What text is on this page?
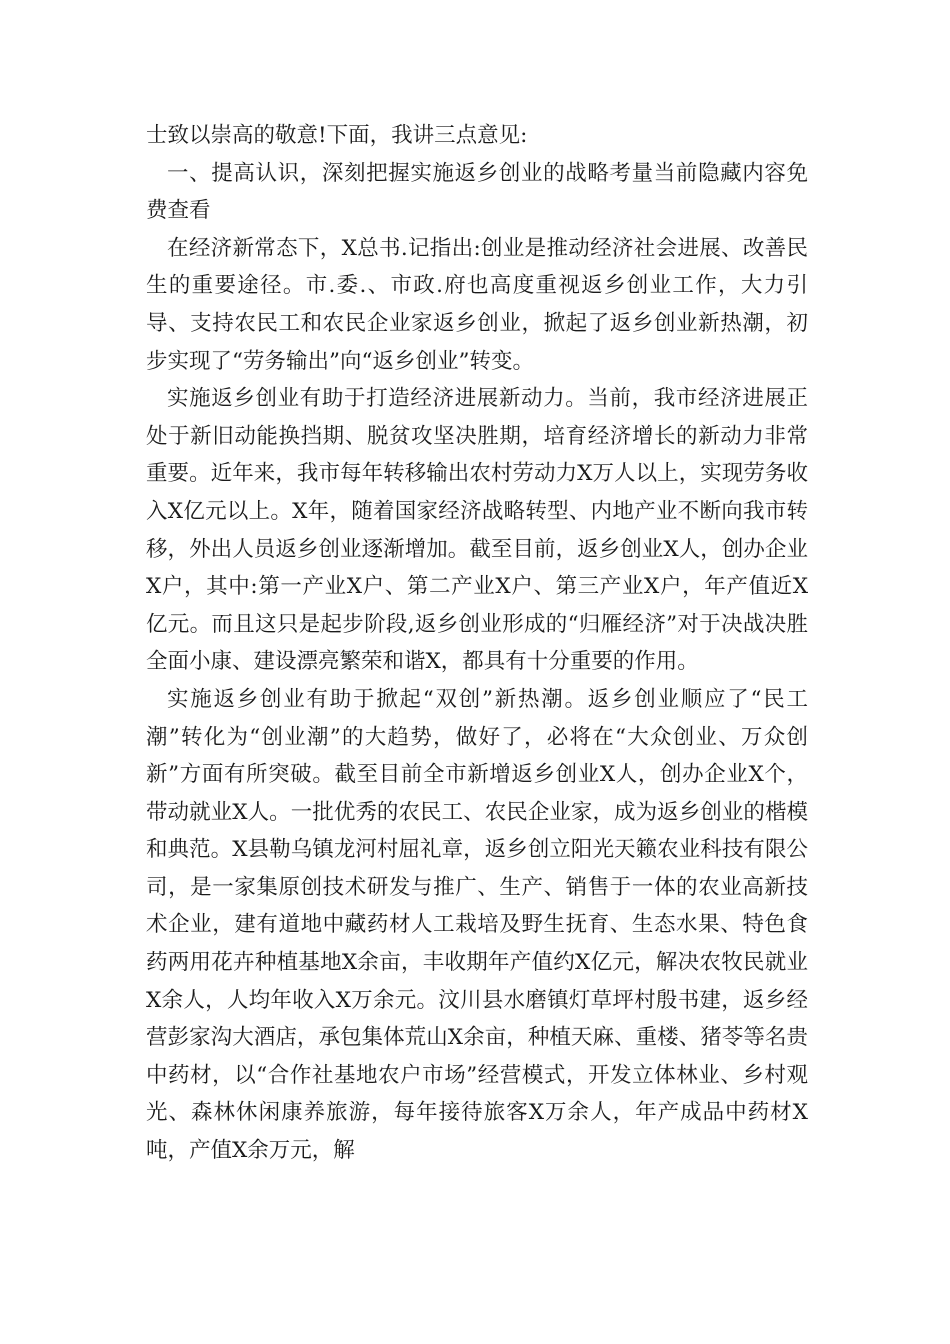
士致以崇高的敬意!下面，我讲三点意见:

一、提高认识，深刻把握实施返乡创业的战略考量当前隐藏内容免费查看

在经济新常态下，X总书.记指出:创业是推动经济社会进展、改善民生的重要途径。市.委.、市政.府也高度重视返乡创业工作，大力引导、支持农民工和农民企业家返乡创业，掀起了返乡创业新热潮，初步实现了“劳务输出”向“返乡创业”转变。

实施返乡创业有助于打造经济进展新动力。当前，我市经济进展正处于新旧动能换挡期、脱贫攻坚决胜期，培育经济增长的新动力非常重要。近年来，我市每年转移输出农村劳动力X万人以上，实现劳务收入X亿元以上。X年，随着国家经济战略转型、内地产业不断向我市转移，外出人员返乡创业逐渐增加。截至目前，返乡创业X人，创办企业X户，其中:第一产业X户、第二产业X户、第三产业X户，年产值近X亿元。而且这只是起步阶段,返乡创业形成的“归雁经济”对于决战决胜全面小康、建设漂亮繁荣和谐X，都具有十分重要的作用。

实施返乡创业有助于掀起“双创”新热潮。返乡创业顺应了“民工潮”转化为“创业潮”的大趋势，做好了，必将在“大众创业、万众创新”方面有所突破。截至目前全市新增返乡创业X人，创办企业X个，带动就业X人。一批优秀的农民工、农民企业家，成为返乡创业的楷模和典范。X县勒乌镇龙河村屈礼章，返乡创立阳光天籁农业科技有限公司，是一家集原创技术研发与推广、生产、销售于一体的农业高新技术企业，建有道地中藏药材人工栽培及野生抚育、生态水果、特色食药两用花卉种植基地X余亩，丰收期年产值约X亿元，解决农牧民就业X余人，人均年收入X万余元。汶川县水磨镇灯草坪村殷书建，返乡经营彭家沟大酒店，承包集体荒山X余亩，种植天麻、重楼、猪苓等名贵中药材，以“合作社基地农户市场”经营模式，开发立体林业、乡村观光、森林休闲康养旅游，每年接待旅客X万余人，年产成品中药材X吨，产值X余万元，解
